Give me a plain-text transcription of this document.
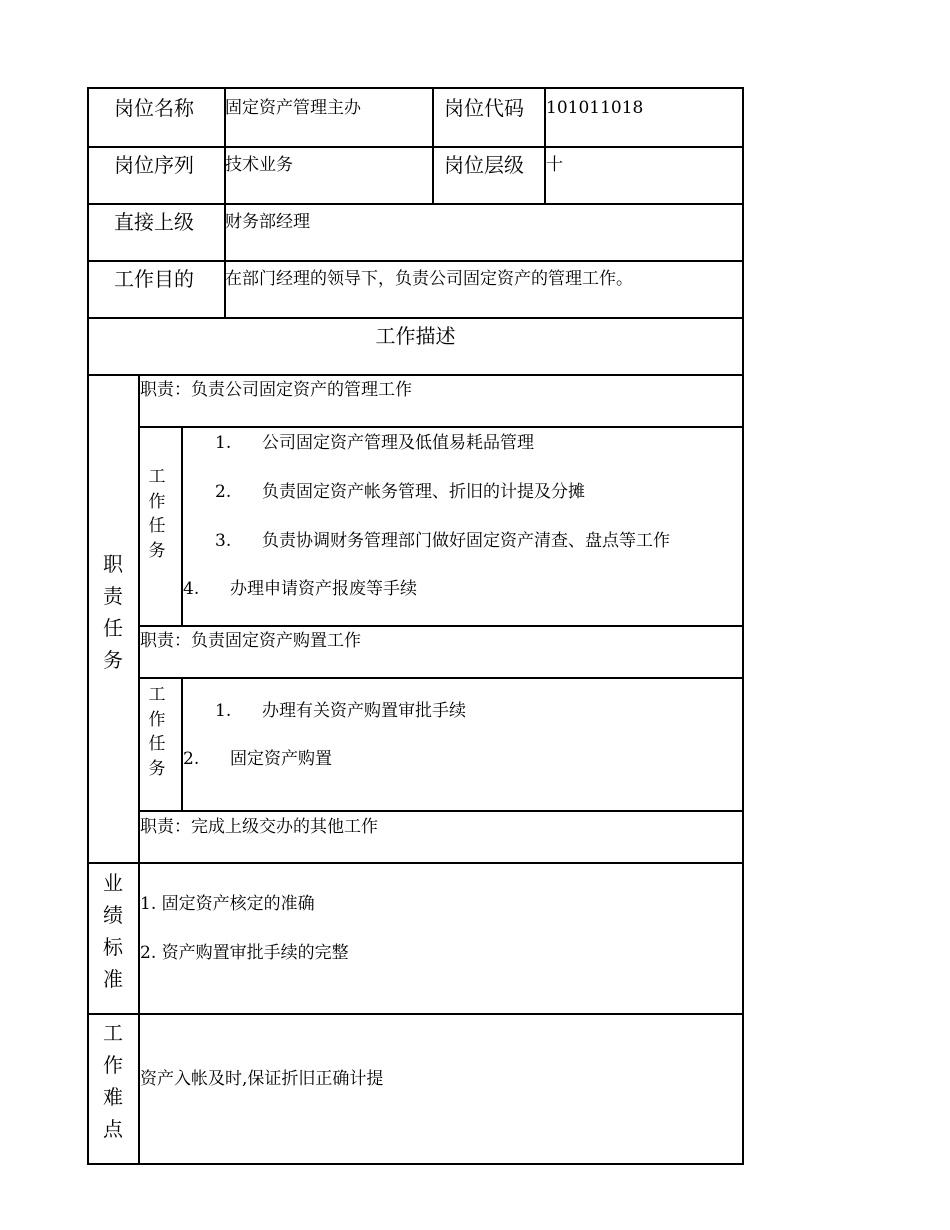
岗位名称 固定资产管理主办	岗位代码 101011018
岗位序列 技术业务	岗位层级 十
直接上级 财务部经理
工作目的 在部门经理的领导下，负责公司固定资产的管理工作。
工作描述
职
责
任
务
职责：负责公司固定资产的管理工作
工
作
任
务
1. 公司固定资产管理及低值易耗品管理
2. 负责固定资产帐务管理、折旧的计提及分摊
3. 负责协调财务管理部门做好固定资产清查、盘点等工作
4. 办理申请资产报废等手续
职责：负责固定资产购置工作
工
作
任
务
1. 办理有关资产购置审批手续
2. 固定资产购置
职责：完成上级交办的其他工作
业
绩
标
准
1. 固定资产核定的准确
2. 资产购置审批手续的完整
工
作
难
点
资产入帐及时,保证折旧正确计提
